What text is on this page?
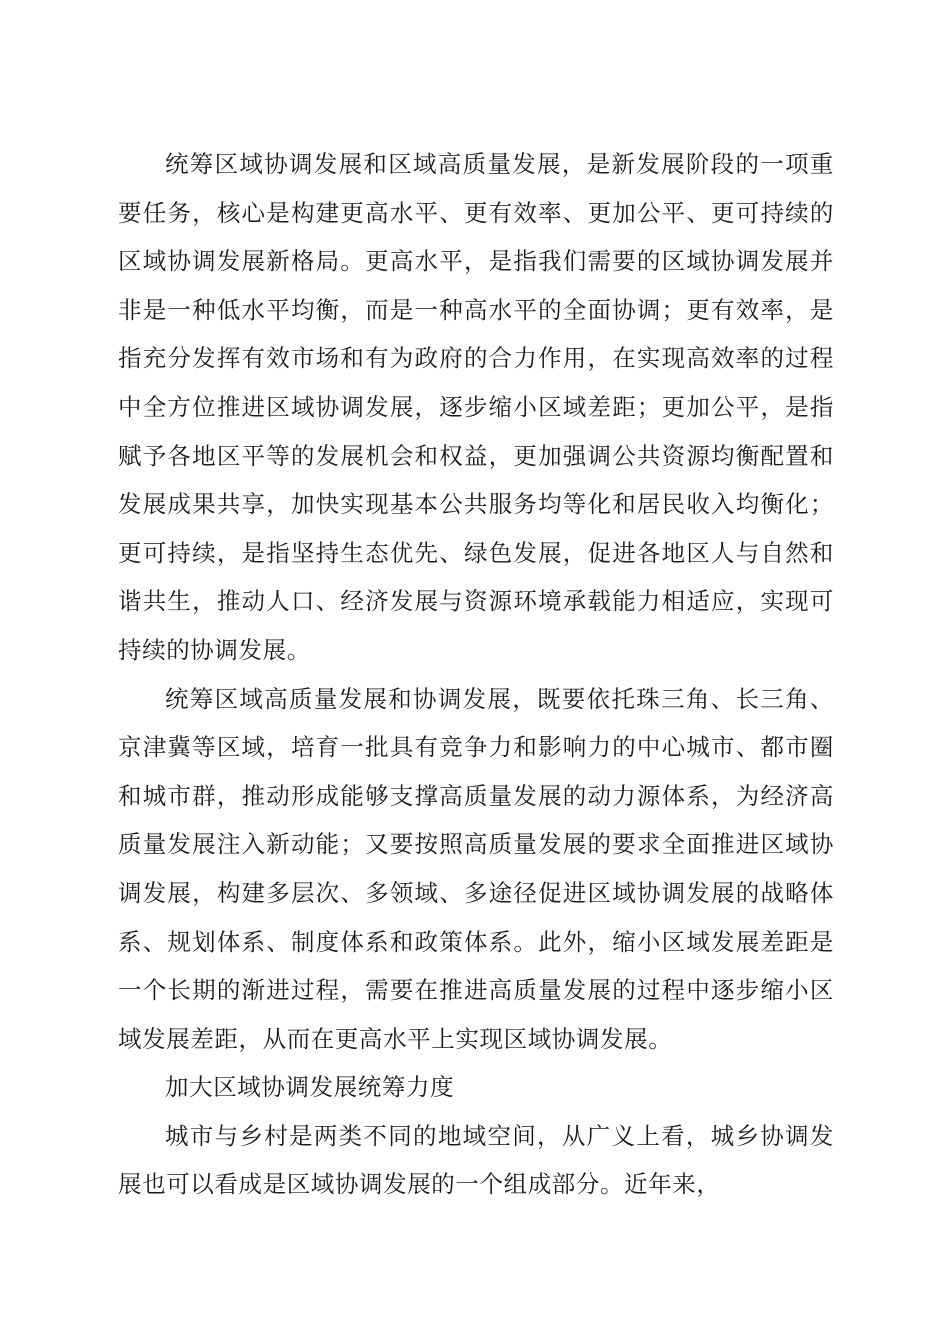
统筹区域协调发展和区域高质量发展，是新发展阶段的一项重要任务，核心是构建更高水平、更有效率、更加公平、更可持续的区域协调发展新格局。更高水平，是指我们需要的区域协调发展并非是一种低水平均衡，而是一种高水平的全面协调；更有效率，是指充分发挥有效市场和有为政府的合力作用，在实现高效率的过程中全方位推进区域协调发展，逐步缩小区域差距；更加公平，是指赋予各地区平等的发展机会和权益，更加强调公共资源均衡配置和发展成果共享，加快实现基本公共服务均等化和居民收入均衡化；更可持续，是指坚持生态优先、绿色发展，促进各地区人与自然和谐共生，推动人口、经济发展与资源环境承载能力相适应，实现可持续的协调发展。

统筹区域高质量发展和协调发展，既要依托珠三角、长三角、京津冀等区域，培育一批具有竞争力和影响力的中心城市、都市圈和城市群，推动形成能够支撑高质量发展的动力源体系，为经济高质量发展注入新动能；又要按照高质量发展的要求全面推进区域协调发展，构建多层次、多领域、多途径促进区域协调发展的战略体系、规划体系、制度体系和政策体系。此外，缩小区域发展差距是一个长期的渐进过程，需要在推进高质量发展的过程中逐步缩小区域发展差距，从而在更高水平上实现区域协调发展。

加大区域协调发展统筹力度

城市与乡村是两类不同的地域空间，从广义上看，城乡协调发展也可以看成是区域协调发展的一个组成部分。近年来，
